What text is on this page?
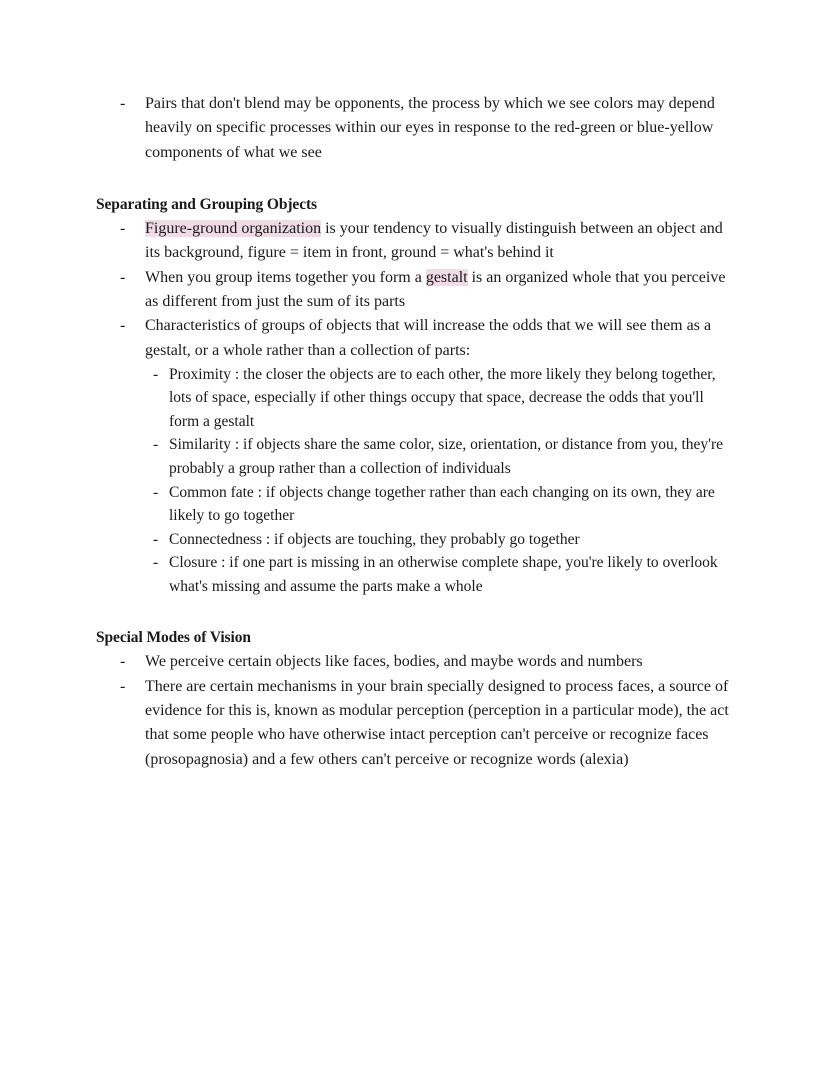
- Pairs that don't blend may be opponents, the process by which we see colors may depend heavily on specific processes within our eyes in response to the red-green or blue-yellow components of what we see
Separating and Grouping Objects
- Figure-ground organization is your tendency to visually distinguish between an object and its background, figure = item in front, ground = what's behind it
- When you group items together you form a gestalt is an organized whole that you perceive as different from just the sum of its parts
- Characteristics of groups of objects that will increase the odds that we will see them as a gestalt, or a whole rather than a collection of parts:
- Proximity : the closer the objects are to each other, the more likely they belong together, lots of space, especially if other things occupy that space, decrease the odds that you'll form a gestalt
- Similarity : if objects share the same color, size, orientation, or distance from you, they're probably a group rather than a collection of individuals
- Common fate : if objects change together rather than each changing on its own, they are likely to go together
- Connectedness : if objects are touching, they probably go together
- Closure : if one part is missing in an otherwise complete shape, you're likely to overlook what's missing and assume the parts make a whole
Special Modes of Vision
- We perceive certain objects like faces, bodies, and maybe words and numbers
- There are certain mechanisms in your brain specially designed to process faces, a source of evidence for this is, known as modular perception (perception in a particular mode), the act that some people who have otherwise intact perception can't perceive or recognize faces (prosopagnosia) and a few others can't perceive or recognize words (alexia)
